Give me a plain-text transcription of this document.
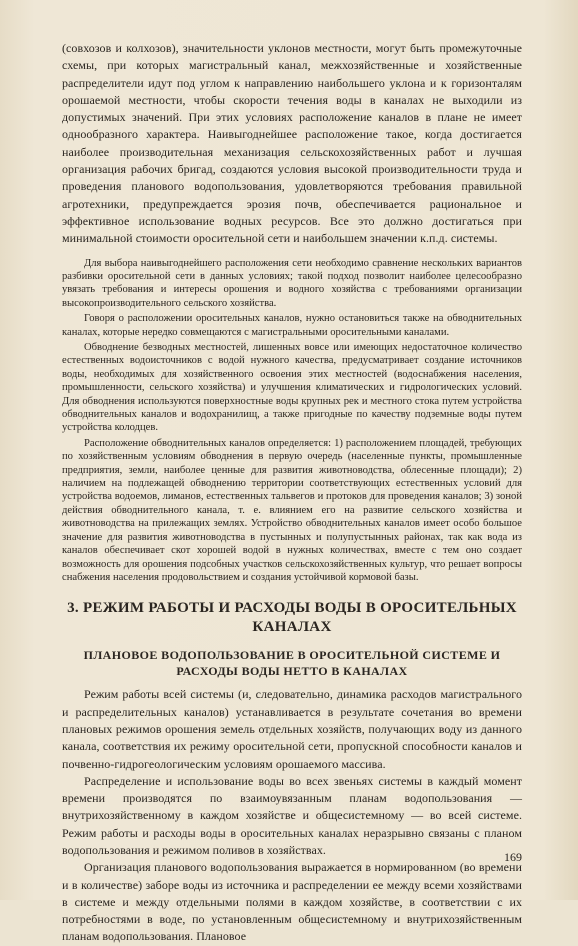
(совхозов и колхозов), значительности уклонов местности, могут быть промежуточные схемы, при которых магистральный канал, межхозяйственные и хозяйственные распределители идут под углом к направлению наибольшего уклона и к горизонталям орошаемой местности, чтобы скорости течения воды в каналах не выходили из допустимых значений. При этих условиях расположение каналов в плане не имеет однообразного характера. Наивыгоднейшее расположение такое, когда достигается наиболее производительная механизация сельскохозяйственных работ и лучшая организация рабочих бригад, создаются условия высокой производительности труда и проведения планового водопользования, удовлетворяются требования правильной агротехники, предупреждается эрозия почв, обеспечивается рациональное и эффективное использование водных ресурсов. Все это должно достигаться при минимальной стоимости оросительной сети и наибольшем значении к.п.д. системы.

Для выбора наивыгоднейшего расположения сети необходимо сравнение нескольких вариантов разбивки оросительной сети в данных условиях; такой подход позволит наиболее целесообразно увязать требования и интересы орошения и водного хозяйства с требованиями организации высокопроизводительного сельского хозяйства.

Говоря о расположении оросительных каналов, нужно остановиться также на обводнительных каналах, которые нередко совмещаются с магистральными оросительными каналами.

Обводнение безводных местностей, лишенных вовсе или имеющих недостаточное количество естественных водоисточников с водой нужного качества, предусматривает создание источников воды, необходимых для хозяйственного освоения этих местностей (водоснабжения населения, промышленности, сельского хозяйства) и улучшения климатических и гидрологических условий. Для обводнения используются поверхностные воды крупных рек и местного стока путем устройства обводнительных каналов и водохранилищ, а также пригодные по качеству подземные воды путем устройства колодцев.

Расположение обводнительных каналов определяется: 1) расположением площадей, требующих по хозяйственным условиям обводнения в первую очередь (населенные пункты, промышленные предприятия, земли, наиболее ценные для развития животноводства, облесенные площади); 2) наличием на подлежащей обводнению территории соответствующих естественных условий для устройства водоемов, лиманов, естественных тальвегов и протоков для проведения каналов; 3) зоной действия обводнительного канала, т. е. влиянием его на развитие сельского хозяйства и животноводства на прилежащих землях. Устройство обводнительных каналов имеет особо большое значение для развития животноводства в пустынных и полупустынных районах, так как вода из каналов обеспечивает скот хорошей водой в нужных количествах, вместе с тем оно создает возможность для орошения подсобных участков сельскохозяйственных культур, что решает вопросы снабжения населения продовольствием и создания устойчивой кормовой базы.

3. РЕЖИМ РАБОТЫ И РАСХОДЫ ВОДЫ В ОРОСИТЕЛЬНЫХ КАНАЛАХ
ПЛАНОВОЕ ВОДОПОЛЬЗОВАНИЕ В ОРОСИТЕЛЬНОЙ СИСТЕМЕ И РАСХОДЫ ВОДЫ НЕТТО В КАНАЛАХ

Режим работы всей системы (и, следовательно, динамика расходов магистрального и распределительных каналов) устанавливается в результате сочетания во времени плановых режимов орошения земель отдельных хозяйств, получающих воду из данного канала, соответствия их режиму оросительной сети, пропускной способности каналов и почвенно-гидрогеологическим условиям орошаемого массива.

Распределение и использование воды во всех звеньях системы в каждый момент времени производятся по взаимоувязанным планам водопользования — внутрихозяйственному в каждом хозяйстве и общесистемному — во всей системе. Режим работы и расходы воды в оросительных каналах неразрывно связаны с планом водопользования и режимом поливов в хозяйствах.

Организация планового водопользования выражается в нормированном (во времени и в количестве) заборе воды из источника и распределении ее между всеми хозяйствами в системе и между отдельными полями в каждом хозяйстве, в соответствии с их потребностями в воде, по установленным общесистемному и внутрихозяйственным планам водопользования. Плановое

169
